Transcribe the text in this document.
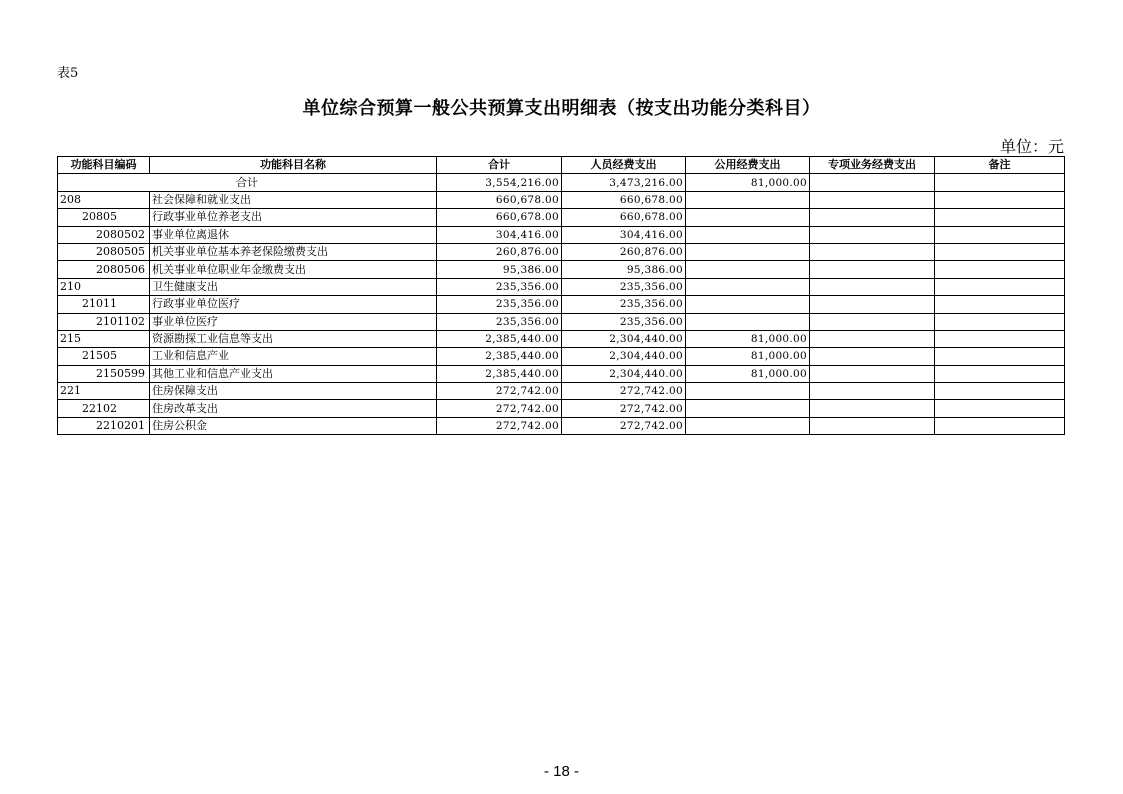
表5
单位综合预算一般公共预算支出明细表（按支出功能分类科目）
单位：元
功能科目编码	功能科目名称	合计	人员经费支出	公用经费支出	专项业务经费支出	备注
合计		3,554,216.00	3,473,216.00	81,000.00		
208	社会保障和就业支出	660,678.00	660,678.00			
20805	行政事业单位养老支出	660,678.00	660,678.00			
2080502	事业单位离退休	304,416.00	304,416.00			
2080505	机关事业单位基本养老保险缴费支出	260,876.00	260,876.00			
2080506	机关事业单位职业年金缴费支出	95,386.00	95,386.00			
210	卫生健康支出	235,356.00	235,356.00			
21011	行政事业单位医疗	235,356.00	235,356.00			
2101102	事业单位医疗	235,356.00	235,356.00			
215	资源勘探工业信息等支出	2,385,440.00	2,304,440.00	81,000.00		
21505	工业和信息产业	2,385,440.00	2,304,440.00	81,000.00		
2150599	其他工业和信息产业支出	2,385,440.00	2,304,440.00	81,000.00		
221	住房保障支出	272,742.00	272,742.00			
22102	住房改革支出	272,742.00	272,742.00			
2210201	住房公积金	272,742.00	272,742.00			
- 18 -
